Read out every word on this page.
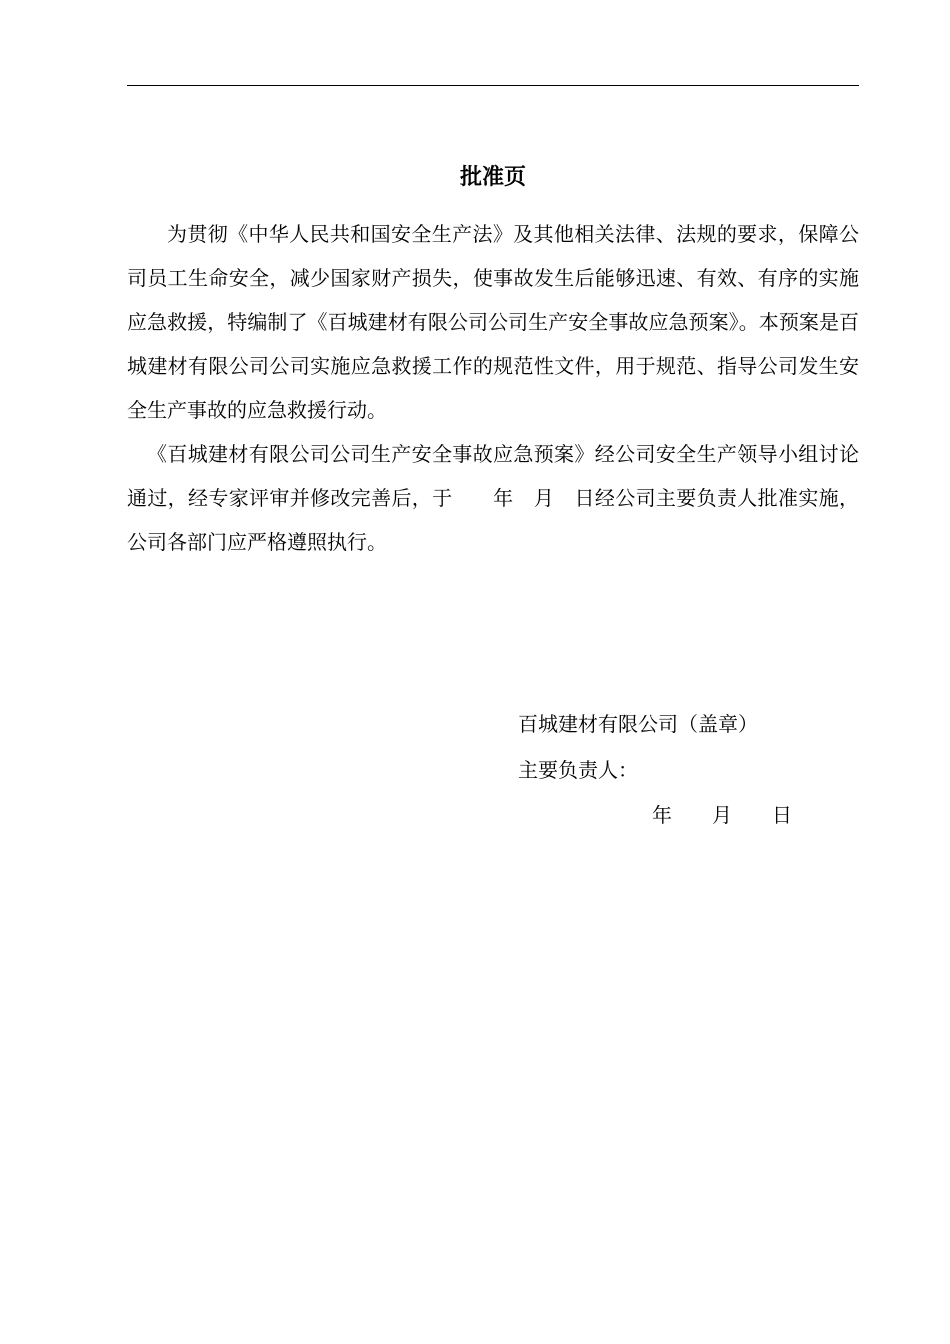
批准页

为贯彻《中华人民共和国安全生产法》及其他相关法律、法规的要求，保障公司员工生命安全，减少国家财产损失，使事故发生后能够迅速、有效、有序的实施应急救援，特编制了《百城建材有限公司公司生产安全事故应急预案》。本预案是百城建材有限公司公司实施应急救援工作的规范性文件，用于规范、指导公司发生安全生产事故的应急救援行动。

《百城建材有限公司公司生产安全事故应急预案》经公司安全生产领导小组讨论通过，经专家评审并修改完善后，于　　年　月　日经公司主要负责人批准实施，公司各部门应严格遵照执行。

百城建材有限公司（盖章）
主要负责人：
年　　月　　日
